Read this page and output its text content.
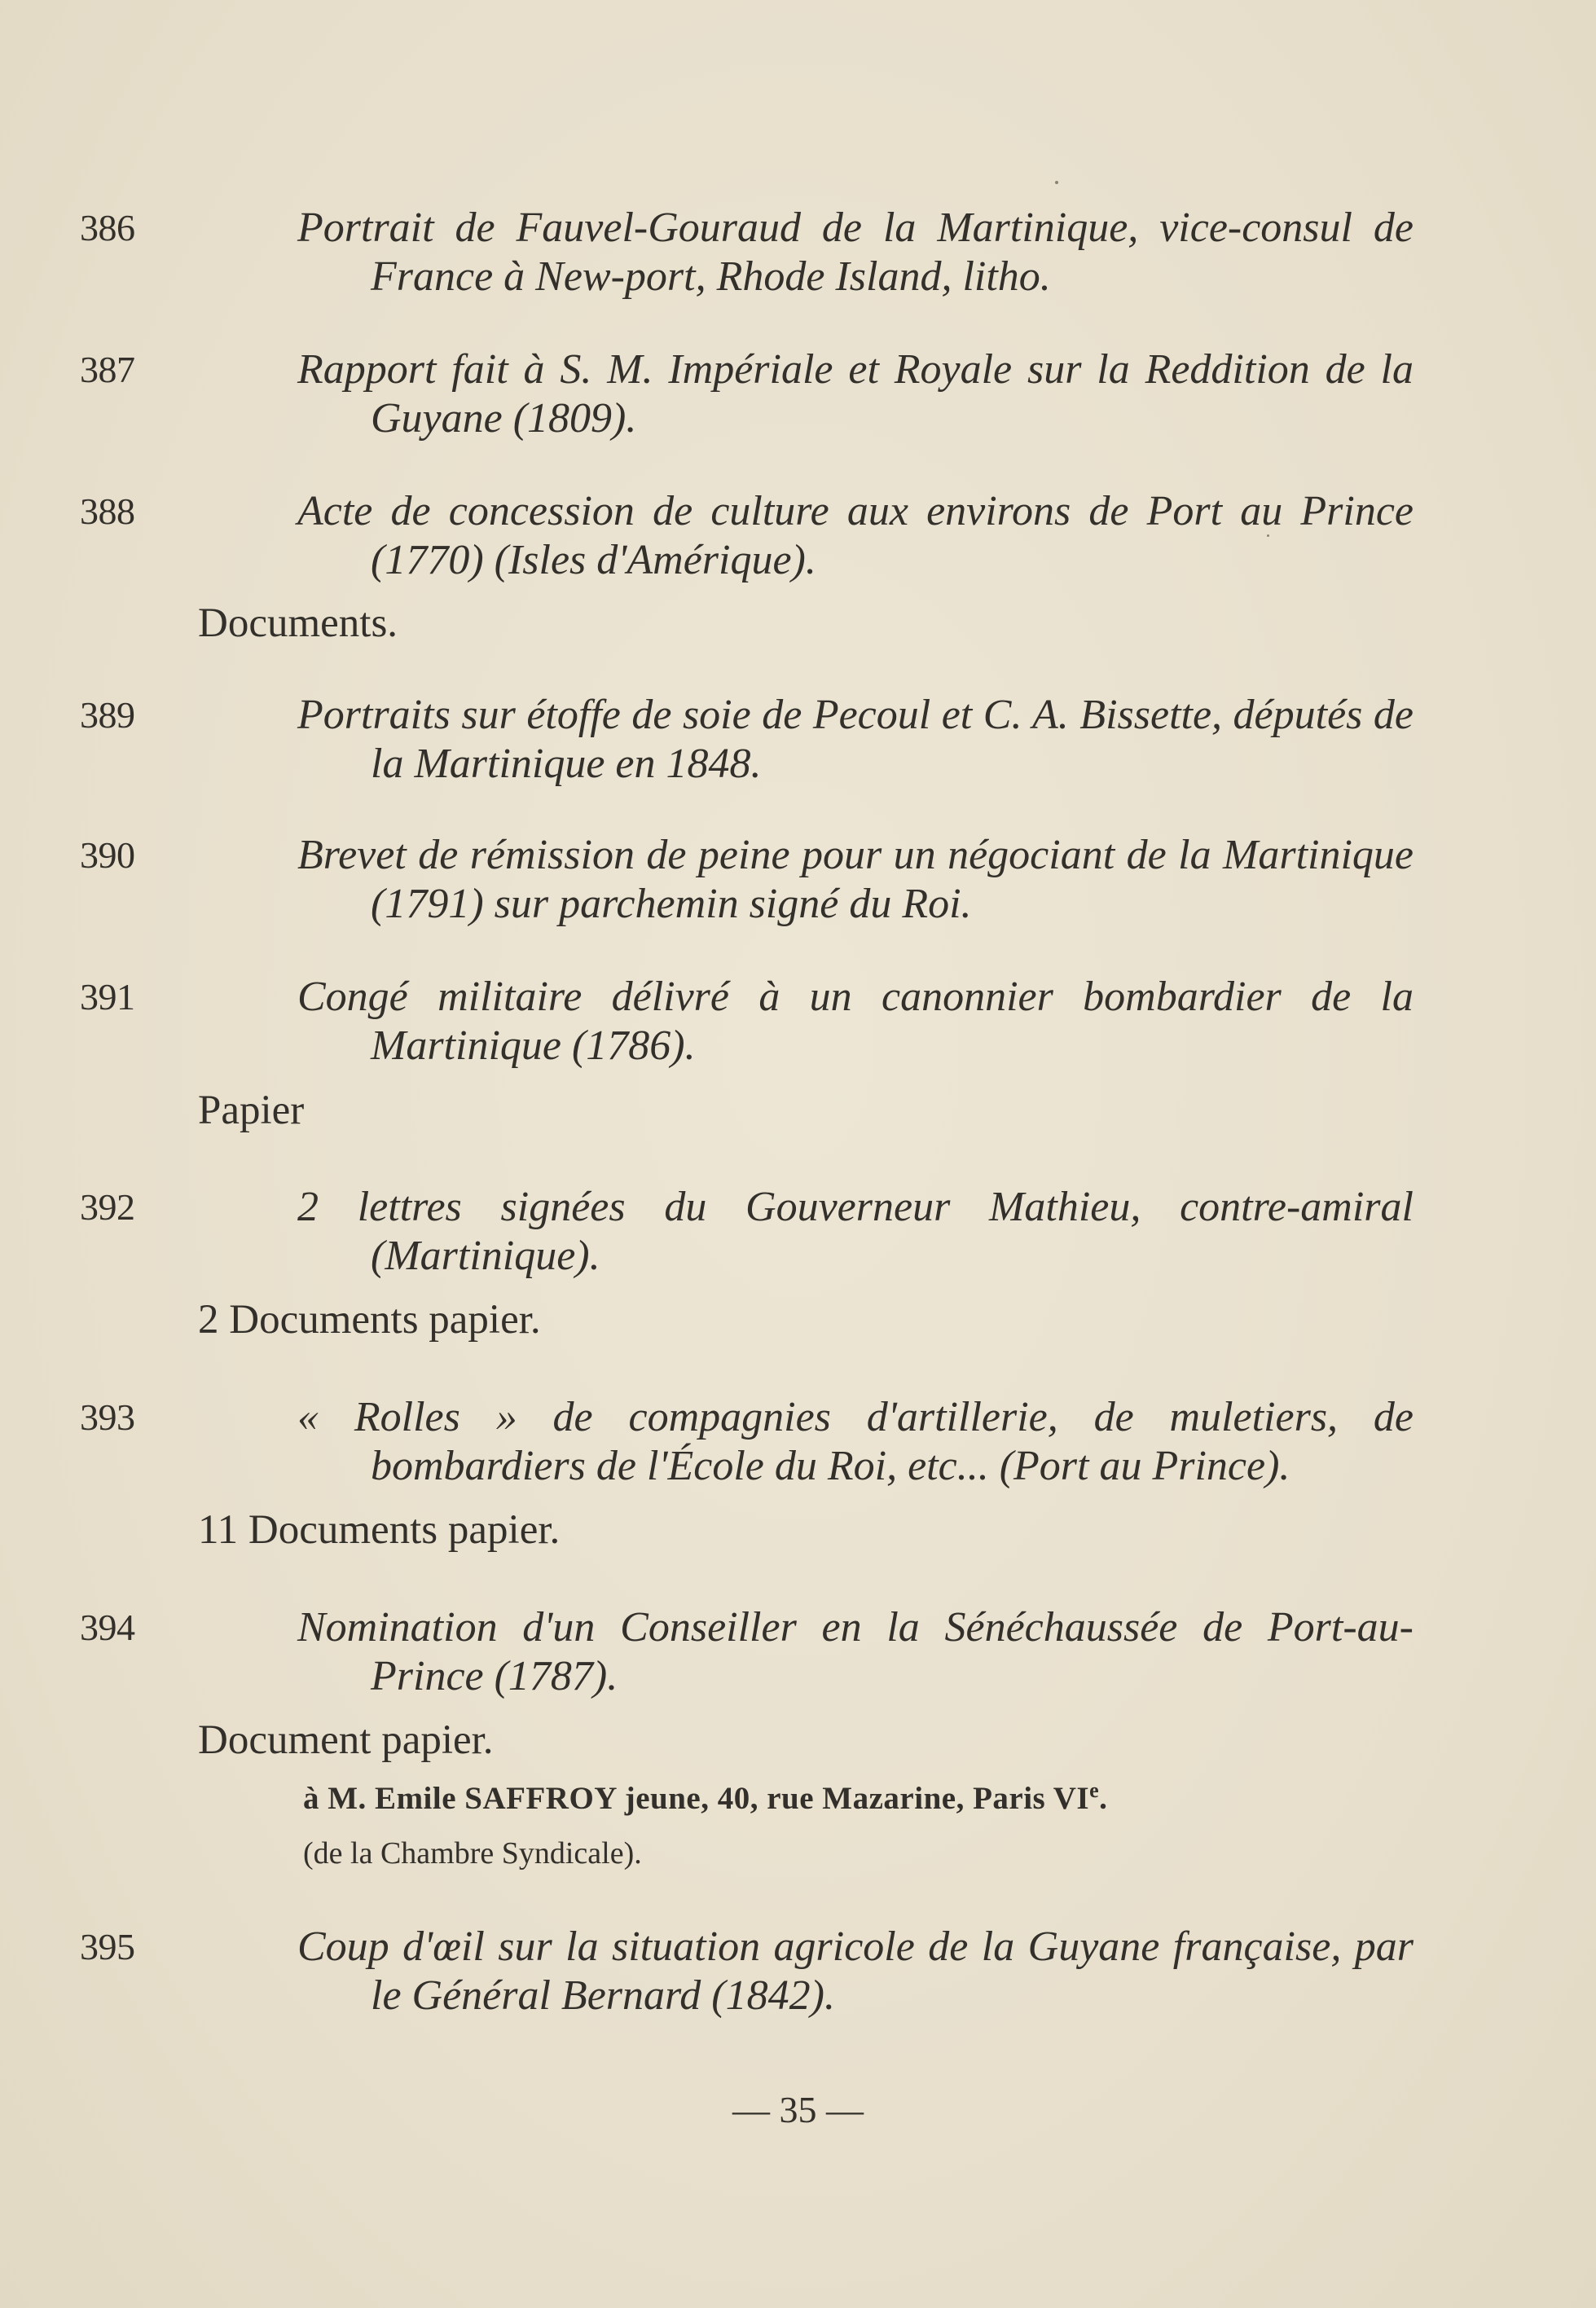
386	Portrait de Fauvel-Gouraud de la Martinique, vice-consul de France à New-port, Rhode Island, litho.
387	Rapport fait à S. M. Impériale et Royale sur la Reddition de la Guyane (1809).
388	Acte de concession de culture aux environs de Port au Prince (1770) (Isles d'Amérique).
Documents.
389	Portraits sur étoffe de soie de Pecoul et C. A. Bissette, députés de la Martinique en 1848.
390	Brevet de rémission de peine pour un négociant de la Martinique (1791) sur parchemin signé du Roi.
391	Congé militaire délivré à un canonnier bombardier de la Martinique (1786).
Papier
392	2 lettres signées du Gouverneur Mathieu, contre-amiral (Martinique).
2 Documents papier.
393	« Rolles » de compagnies d'artillerie, de muletiers, de bombardiers de l'École du Roi, etc... (Port au Prince).
11 Documents papier.
394	Nomination d'un Conseiller en la Sénéchaussée de Port-au-Prince (1787).
Document papier.
à M. Emile SAFFROY jeune, 40, rue Mazarine, Paris VIe.
(de la Chambre Syndicale).
395	Coup d'œil sur la situation agricole de la Guyane française, par le Général Bernard (1842).
— 35 —
